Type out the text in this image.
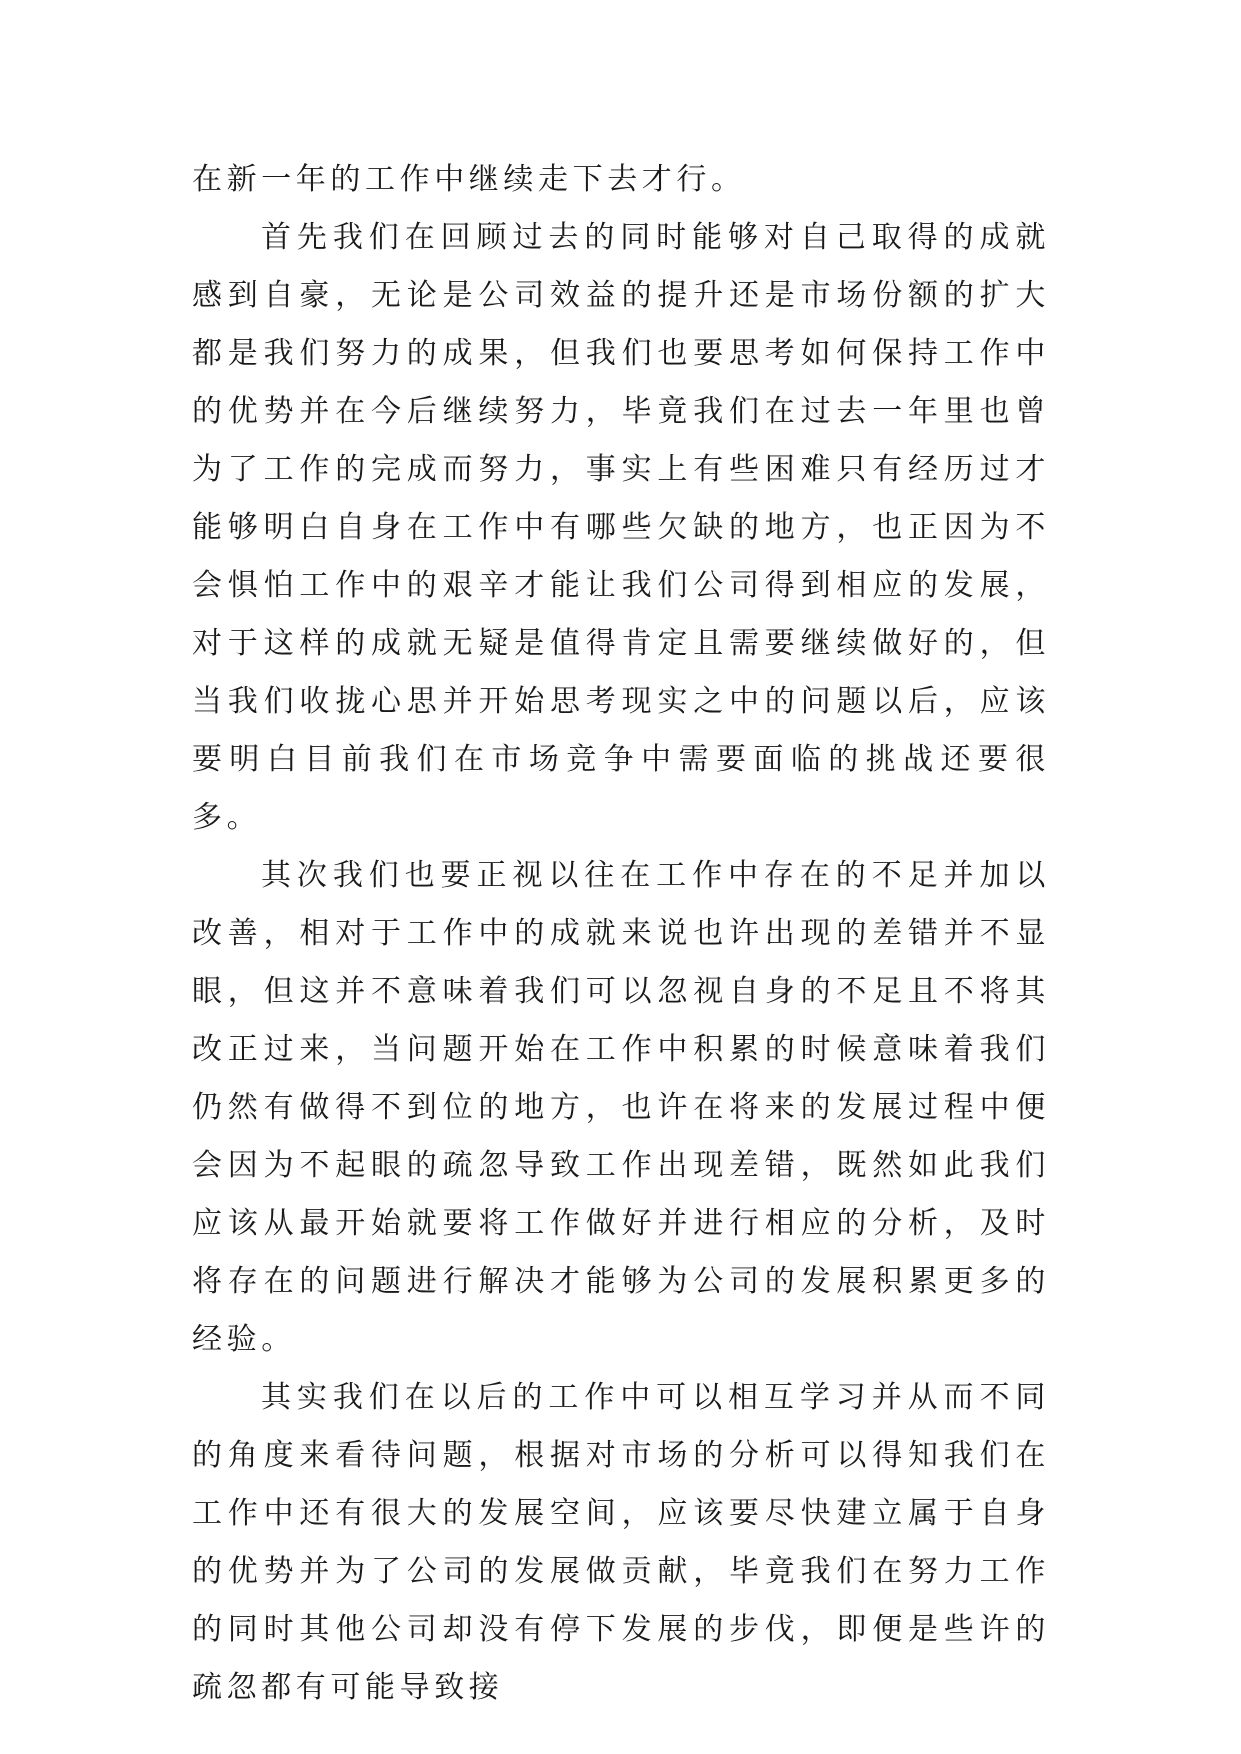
在新一年的工作中继续走下去才行。

首先我们在回顾过去的同时能够对自己取得的成就感到自豪，无论是公司效益的提升还是市场份额的扩大都是我们努力的成果，但我们也要思考如何保持工作中的优势并在今后继续努力，毕竟我们在过去一年里也曾为了工作的完成而努力，事实上有些困难只有经历过才能够明白自身在工作中有哪些欠缺的地方，也正因为不会惧怕工作中的艰辛才能让我们公司得到相应的发展，对于这样的成就无疑是值得肯定且需要继续做好的，但当我们收拢心思并开始思考现实之中的问题以后，应该要明白目前我们在市场竞争中需要面临的挑战还要很多。

其次我们也要正视以往在工作中存在的不足并加以改善，相对于工作中的成就来说也许出现的差错并不显眼，但这并不意味着我们可以忽视自身的不足且不将其改正过来，当问题开始在工作中积累的时候意味着我们仍然有做得不到位的地方，也许在将来的发展过程中便会因为不起眼的疏忽导致工作出现差错，既然如此我们应该从最开始就要将工作做好并进行相应的分析，及时将存在的问题进行解决才能够为公司的发展积累更多的经验。

其实我们在以后的工作中可以相互学习并从而不同的角度来看待问题，根据对市场的分析可以得知我们在工作中还有很大的发展空间，应该要尽快建立属于自身的优势并为了公司的发展做贡献，毕竟我们在努力工作的同时其他公司却没有停下发展的步伐，即便是些许的疏忽都有可能导致接
